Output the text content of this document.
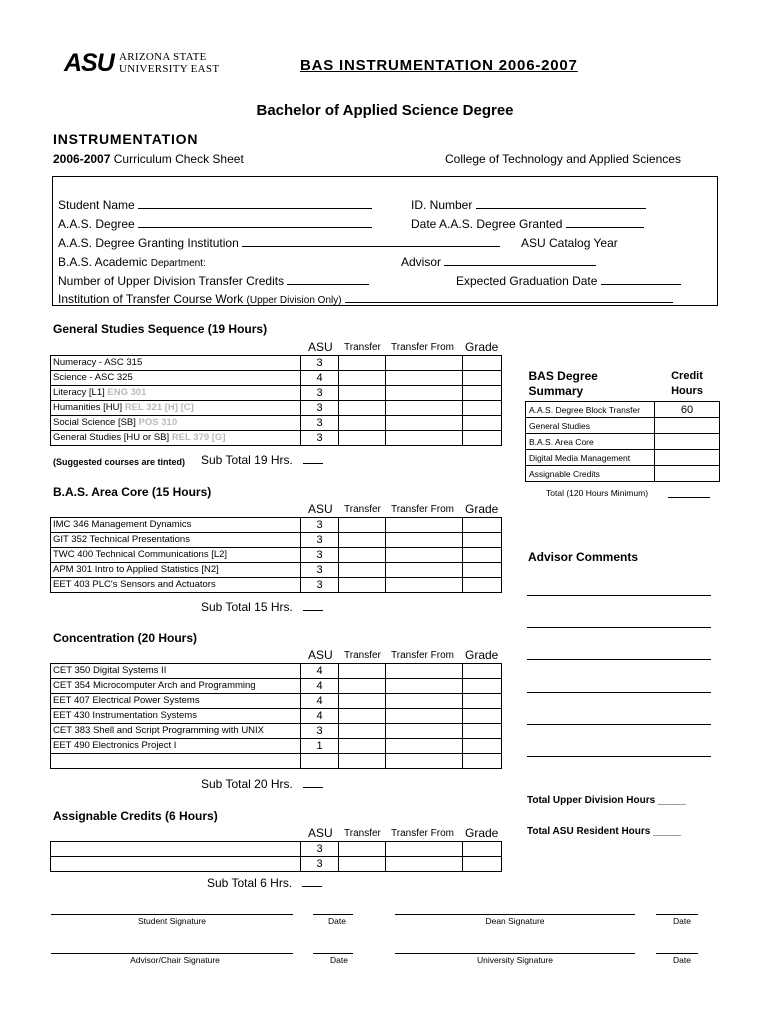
ASU ARIZONA STATE
UNIVERSITY EAST	BAS INSTRUMENTATION 2006-2007
Bachelor of Applied Science Degree
INSTRUMENTATION
2006-2007 Curriculum Check Sheet	College of Technology and Applied Sciences
Student Name	ID. Number
A.A.S. Degree	Date A.A.S. Degree Granted
A.A.S. Degree Granting Institution	ASU Catalog Year
B.A.S. Academic Department:	Advisor
Number of Upper Division Transfer Credits	Expected Graduation Date
Institution of Transfer Course Work (Upper Division Only)
General Studies Sequence (19 Hours)
ASU Transfer Transfer From Grade
Numeracy - ASC 315	3			
Science - ASC 325	4			
Literacy [L1] ENG 301	3			
Humanities [HU] REL 321 [H] [C]	3			
Social Science [SB] POS 310	3			
General Studies [HU or SB] REL 379 [G]	3			
(Suggested courses are tinted) Sub Total 19 Hrs.
B.A.S. Area Core (15 Hours)
ASU Transfer Transfer From Grade
IMC 346 Management Dynamics	3			
GIT 352 Technical Presentations	3			
TWC 400 Technical Communications [L2]	3			
APM 301 Intro to Applied Statistics [N2]	3			
EET 403 PLC's Sensors and Actuators	3			
Sub Total 15 Hrs.
Concentration (20 Hours)
ASU Transfer Transfer From Grade
CET 350 Digital Systems II	4			
CET 354 Microcomputer Arch and Programming	4			
EET 407 Electrical Power Systems	4			
EET 430 Instrumentation Systems	4			
CET 383 Shell and Script Programming with UNIX	3			
EET 490 Electronics Project I	1			

Sub Total 20 Hrs.
Assignable Credits (6 Hours)
ASU Transfer Transfer From Grade
	3			
	3			
Sub Total 6 Hrs.
BAS Degree
Summary	Credit
Hours
A.A.S. Degree Block Transfer	60
General Studies	
B.A.S. Area Core	
Digital Media Management	
Assignable Credits	
Total (120 Hours Minimum)
Advisor Comments
Total Upper Division Hours _____
Total ASU Resident Hours _____
Student Signature	Date	Dean Signature	Date
Advisor/Chair Signature	Date	University Signature	Date
